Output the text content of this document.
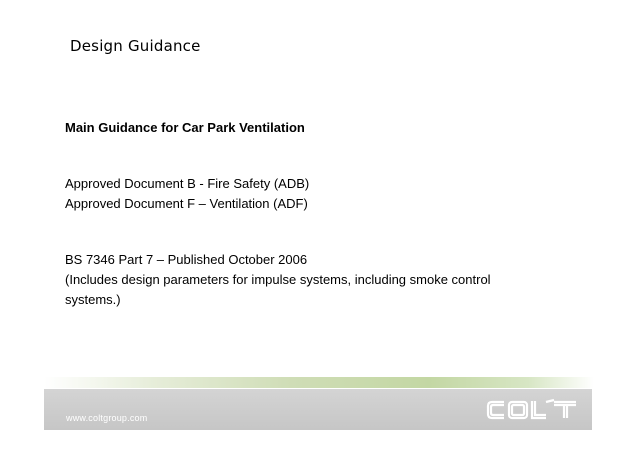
Design Guidance
Main Guidance for Car Park Ventilation
Approved Document B - Fire Safety (ADB)
Approved Document F – Ventilation (ADF)
BS 7346 Part 7 – Published October 2006
(Includes design parameters for impulse systems, including smoke control
systems.)
www.coltgroup.com
